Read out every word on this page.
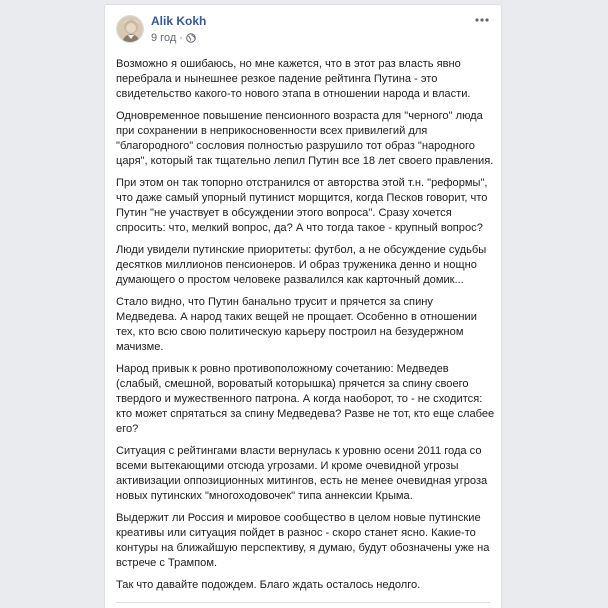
Alik Kokh
9 год ·

Возможно я ошибаюсь, но мне кажется, что в этот раз власть явно перебрала и нынешнее резкое падение рейтинга Путина - это свидетельство какого-то нового этапа в отношении народа и власти.

Одновременное повышение пенсионного возраста для "черного" люда при сохранении в неприкосновенности всех привилегий для "благородного" сословия полностью разрушило тот образ "народного царя", который так тщательно лепил Путин все 18 лет своего правления.

При этом он так топорно отстранился от авторства этой т.н. "реформы", что даже самый упорный путинист морщится, когда Песков говорит, что Путин "не участвует в обсуждении этого вопроса". Сразу хочется спросить: что, мелкий вопрос, да? А что тогда такое - крупный вопрос?

Люди увидели путинские приоритеты: футбол, а не обсуждение судьбы десятков миллионов пенсионеров. И образ труженика денно и нощно думающего о простом человеке развалился как карточный домик...

Стало видно, что Путин банально трусит и прячется за спину Медведева. А народ таких вещей не прощает. Особенно в отношении тех, кто всю свою политическую карьеру построил на безудержном мачизме.

Народ привык к ровно противоположному сочетанию: Медведев (слабый, смешной, вороватый которышка) прячется за спину своего твердого и мужественного патрона. А когда наоборот, то - не сходится: кто может спрятаться за спину Медведева? Разве не тот, кто еще слабее его?

Ситуация с рейтингами власти вернулась к уровню осени 2011 года со всеми вытекающими отсюда угрозами. И кроме очевидной угрозы активизации оппозиционных митингов, есть не менее очевидная угроза новых путинских "многоходовочек" типа аннексии Крыма.

Выдержит ли Россия и мировое сообщество в целом новые путинские креативы или ситуация пойдет в разнос - скоро станет ясно. Какие-то контуры на ближайшую перспективу, я думаю, будут обозначены уже на встрече с Трампом.

Так что давайте подождем. Благо ждать осталось недолго.
